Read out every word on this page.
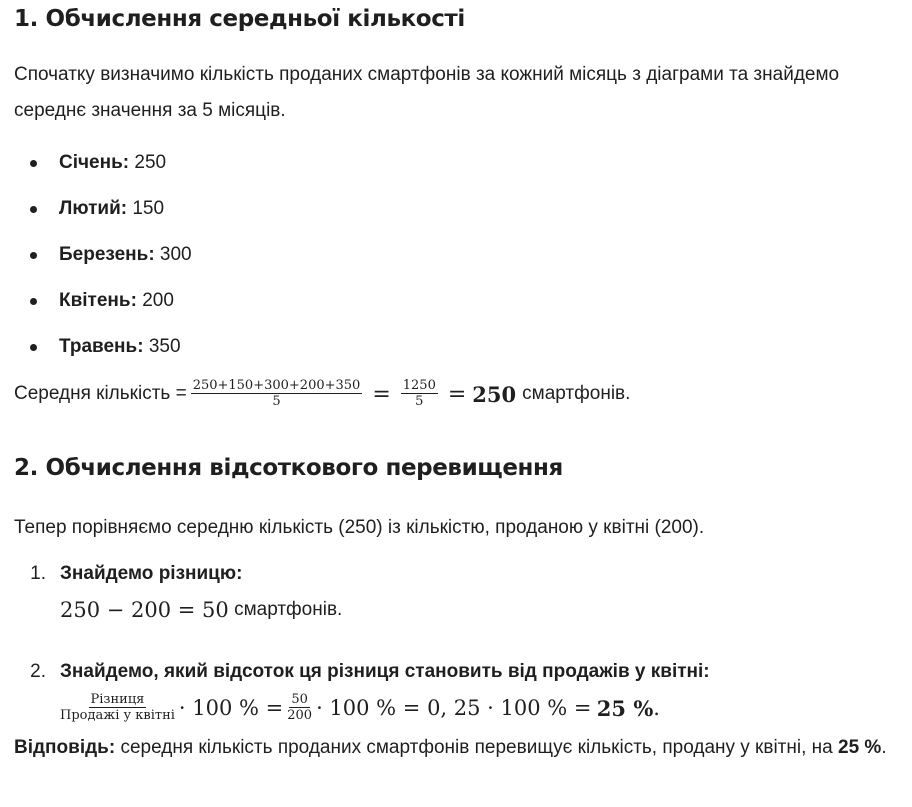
1. Обчислення середньої кількості
Спочатку визначимо кількість проданих смартфонів за кожний місяць з діаграми та знайдемо середнє значення за 5 місяців.
Січень:
250
Лютий:
150
Березень:
300
Квітень:
200
Травень:
350
Середня кількість = $\frac{250+150+300+200+350}{5} = \frac{1250}{5} = 250$ смартфонів.
2. Обчислення відсоткового перевищення
Тепер порівняємо середню кількість (250) із кількістю, проданою у квітні (200).
1. Знайдемо різницю:
250 − 200 = 50
смартфонів.
2. Знайдемо, який відсоток ця різниця становить від продажів у квітні:
$\frac{\text{Різниця}}{\text{Продажі у квітні}} \cdot 100$ % = $\frac{50}{200} \cdot 100$ % = 0, 25 · 100 % =
25 % .
Відповідь: середня кількість проданих смартфонів перевищує кількість, продану у квітні, на 25 %.
